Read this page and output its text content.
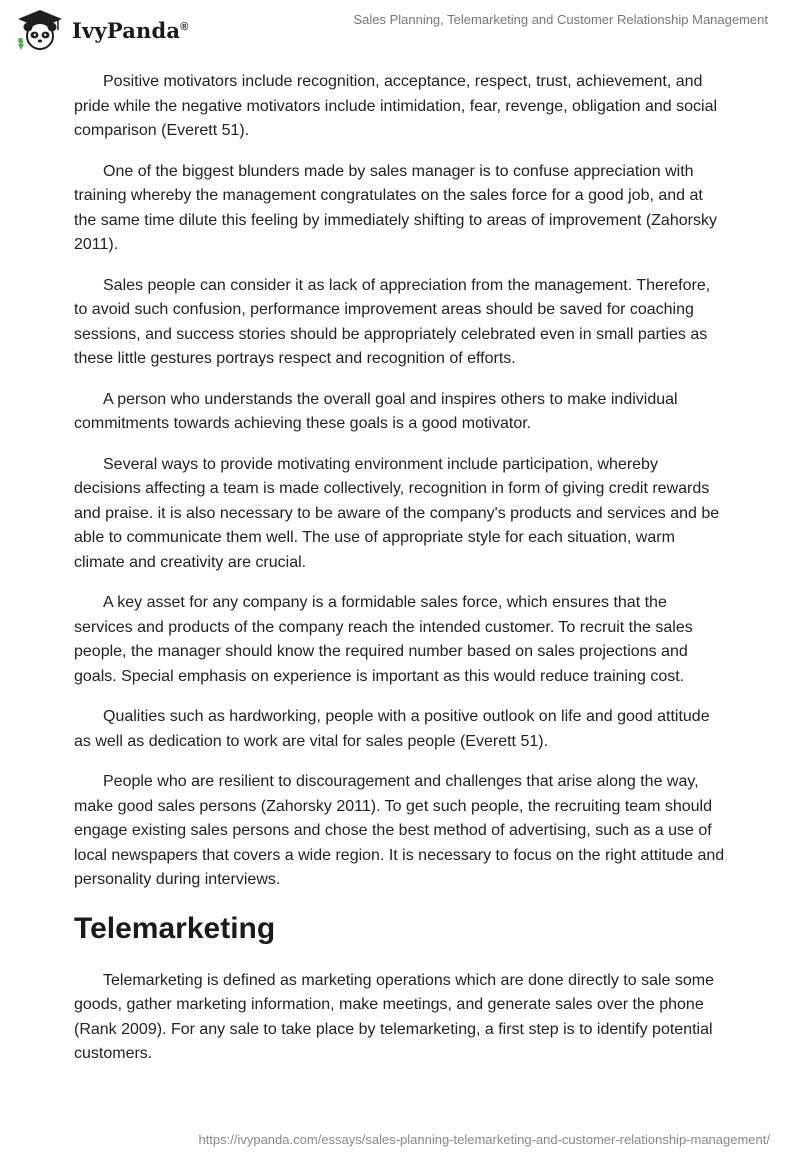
IvyPanda®	Sales Planning, Telemarketing and Customer Relationship Management

Positive motivators include recognition, acceptance, respect, trust, achievement, and pride while the negative motivators include intimidation, fear, revenge, obligation and social comparison (Everett 51).

One of the biggest blunders made by sales manager is to confuse appreciation with training whereby the management congratulates on the sales force for a good job, and at the same time dilute this feeling by immediately shifting to areas of improvement (Zahorsky 2011).

Sales people can consider it as lack of appreciation from the management. Therefore, to avoid such confusion, performance improvement areas should be saved for coaching sessions, and success stories should be appropriately celebrated even in small parties as these little gestures portrays respect and recognition of efforts.

A person who understands the overall goal and inspires others to make individual commitments towards achieving these goals is a good motivator.

Several ways to provide motivating environment include participation, whereby decisions affecting a team is made collectively, recognition in form of giving credit rewards and praise. it is also necessary to be aware of the company's products and services and be able to communicate them well. The use of appropriate style for each situation, warm climate and creativity are crucial.

A key asset for any company is a formidable sales force, which ensures that the services and products of the company reach the intended customer. To recruit the sales people, the manager should know the required number based on sales projections and goals. Special emphasis on experience is important as this would reduce training cost.

Qualities such as hardworking, people with a positive outlook on life and good attitude as well as dedication to work are vital for sales people (Everett 51).

People who are resilient to discouragement and challenges that arise along the way, make good sales persons (Zahorsky 2011). To get such people, the recruiting team should engage existing sales persons and chose the best method of advertising, such as a use of local newspapers that covers a wide region. It is necessary to focus on the right attitude and personality during interviews.

Telemarketing

Telemarketing is defined as marketing operations which are done directly to sale some goods, gather marketing information, make meetings, and generate sales over the phone (Rank 2009). For any sale to take place by telemarketing, a first step is to identify potential customers.

https://ivypanda.com/essays/sales-planning-telemarketing-and-customer-relationship-management/
